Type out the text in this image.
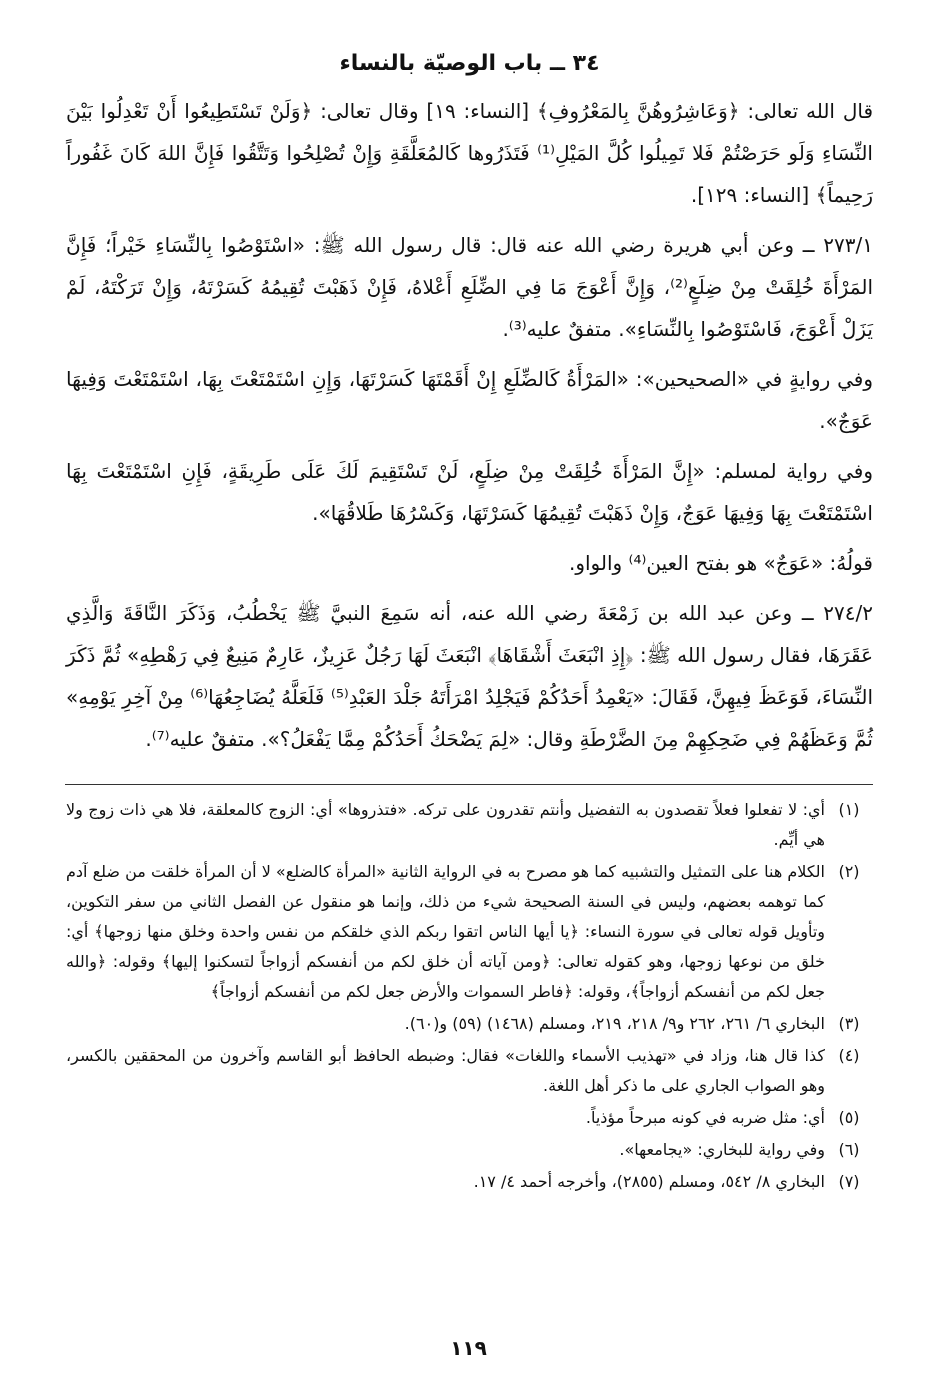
٣٤ ــ باب الوصيّة بالنساء
قال الله تعالى: ﴿وَعَاشِرُوهُنَّ بِالمَعْرُوفِ﴾ [النساء: ١٩] وقال تعالى: ﴿وَلَنْ تَسْتَطِيعُوا أَنْ تَعْدِلُوا بَيْنَ النِّسَاءِ وَلَو حَرَصْتُمْ فَلا تَمِيلُوا كُلَّ المَيْلِ⁽¹⁾ فَتَذَرُوها كَالمُعَلَّقَةِ وَإِنْ تُصْلِحُوا وَتَتَّقُوا فَإِنَّ اللهَ كَانَ غَفُوراً رَحِيماً﴾ [النساء: ١٢٩].
٢٧٣/١ ــ وعن أبي هريرة رضي الله عنه قال: قال رسول الله ﷺ: «اسْتَوْصُوا بِالنِّسَاءِ خَيْراً؛ فَإِنَّ المَرْأَةَ خُلِقَتْ مِنْ ضِلَعٍ⁽²⁾، وَإِنَّ أَعْوَجَ مَا فِي الضِّلَعِ أَعْلاهُ، فَإِنْ ذَهَبْتَ تُقِيمُهُ كَسَرْتَهُ، وَإِنْ تَرَكْتَهُ، لَمْ يَزَلْ أَعْوَجَ، فَاسْتَوْصُوا بِالنِّسَاءِ». متفقٌ عليه⁽³⁾.
وفي روايةٍ في «الصحيحين»: «المَرْأَةُ كَالضِّلَعِ إِنْ أَقَمْتَهَا كَسَرْتَهَا، وَإِنِ اسْتَمْتَعْتَ بِهَا، اسْتَمْتَعْتَ وَفِيهَا عَوَجٌ».
وفي رواية لمسلم: «إِنَّ المَرْأَةَ خُلِقَتْ مِنْ ضِلَعٍ، لَنْ تَسْتَقِيمَ لَكَ عَلَى طَرِيقَةٍ، فَإِنِ اسْتَمْتَعْتَ بِهَا اسْتَمْتَعْتَ بِهَا وَفِيهَا عَوَجٌ، وَإِنْ ذَهَبْتَ تُقِيمُهَا كَسَرْتَهَا، وَكَسْرُهَا طَلاقُهَا».
قولُهُ: «عَوَجٌ» هو بفتح العين⁽⁴⁾ والواو.
٢٧٤/٢ ــ وعن عبد الله بن زَمْعَةَ رضي الله عنه، أنه سَمِعَ النبيَّ ﷺ يَخْطُبُ، وَذَكَرَ النَّاقَةَ وَالَّذِي عَقَرَهَا، فقال رسول الله ﷺ: ﴿إِذِ انْبَعَثَ أَشْقَاهَا﴾ انْبَعَثَ لَهَا رَجُلٌ عَزِيزٌ، عَارِمٌ مَنِيعٌ فِي رَهْطِهِ» ثُمَّ ذَكَرَ النِّسَاءَ، فَوَعَظَ فِيهِنَّ، فَقَالَ: «يَعْمِدُ أَحَدُكُمْ فَيَجْلِدُ امْرَأَتَهُ جَلْدَ العَبْدِ⁽⁵⁾ فَلَعَلَّهُ يُضَاجِعُهَا⁽⁶⁾ مِنْ آخِرِ يَوْمِهِ» ثُمَّ وَعَظَهُمْ فِي ضَحِكِهِمْ مِنَ الضَّرْطَةِ وقال: «لِمَ يَضْحَكُ أَحَدُكُمْ مِمَّا يَفْعَلُ؟». متفقٌ عليه⁽⁷⁾.
(١)
أي: لا تفعلوا فعلاً تقصدون به التفضيل وأنتم تقدرون على تركه. «فتذروها» أي: الزوج كالمعلقة، فلا هي ذات زوج ولا هي أيِّم.
(٢)
الكلام هنا على التمثيل والتشبيه كما هو مصرح به في الرواية الثانية «المرأة كالضلع» لا أن المرأة خلقت من ضلع آدم كما توهمه بعضهم، وليس في السنة الصحيحة شيء من ذلك، وإنما هو منقول عن الفصل الثاني من سفر التكوين، وتأويل قوله تعالى في سورة النساء: ﴿يا أيها الناس اتقوا ربكم الذي خلقكم من نفس واحدة وخلق منها زوجها﴾ أي: خلق من نوعها زوجها، وهو كقوله تعالى: ﴿ومن آياته أن خلق لكم من أنفسكم أزواجاً لتسكنوا إليها﴾ وقوله: ﴿والله جعل لكم من أنفسكم أزواجاً﴾، وقوله: ﴿فاطر السموات والأرض جعل لكم من أنفسكم أزواجاً﴾
(٣)
البخاري ٦/ ٢٦١، ٢٦٢ و٩/ ٢١٨، ٢١٩، ومسلم (١٤٦٨) (٥٩) و(٦٠).
(٤)
كذا قال هنا، وزاد في «تهذيب الأسماء واللغات» فقال: وضبطه الحافظ أبو القاسم وآخرون من المحققين بالكسر، وهو الصواب الجاري على ما ذكر أهل اللغة.
(٥)
أي: مثل ضربه في كونه مبرحاً مؤذياً.
(٦)
وفي رواية للبخاري: «يجامعها».
(٧)
البخاري ٨/ ٥٤٢، ومسلم (٢٨٥٥)، وأخرجه أحمد ٤/ ١٧.
١١٩
